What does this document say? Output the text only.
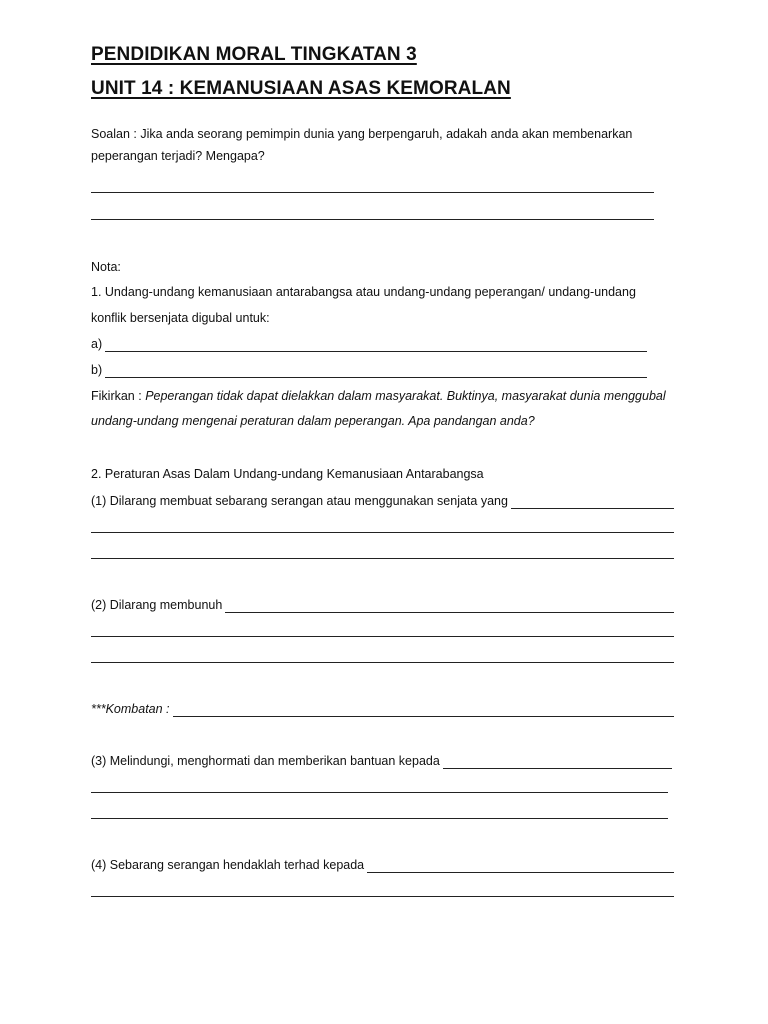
PENDIDIKAN MORAL TINGKATAN 3
UNIT 14 : KEMANUSIAAN ASAS KEMORALAN
Soalan : Jika anda seorang pemimpin dunia yang berpengaruh, adakah anda akan membenarkan
peperangan terjadi? Mengapa?
Nota:
1. Undang-undang kemanusiaan antarabangsa atau undang-undang peperangan/ undang-undang
konflik bersenjata digubal untuk:
a)
b)
Fikirkan : Peperangan tidak dapat dielakkan dalam masyarakat. Buktinya, masyarakat dunia menggubal
undang-undang mengenai peraturan dalam peperangan. Apa pandangan anda?
2. Peraturan Asas Dalam Undang-undang Kemanusiaan Antarabangsa
(1) Dilarang membuat sebarang serangan atau menggunakan senjata yang
(2) Dilarang membunuh
***Kombatan :
(3) Melindungi, menghormati dan memberikan bantuan kepada
(4) Sebarang serangan hendaklah terhad kepada
